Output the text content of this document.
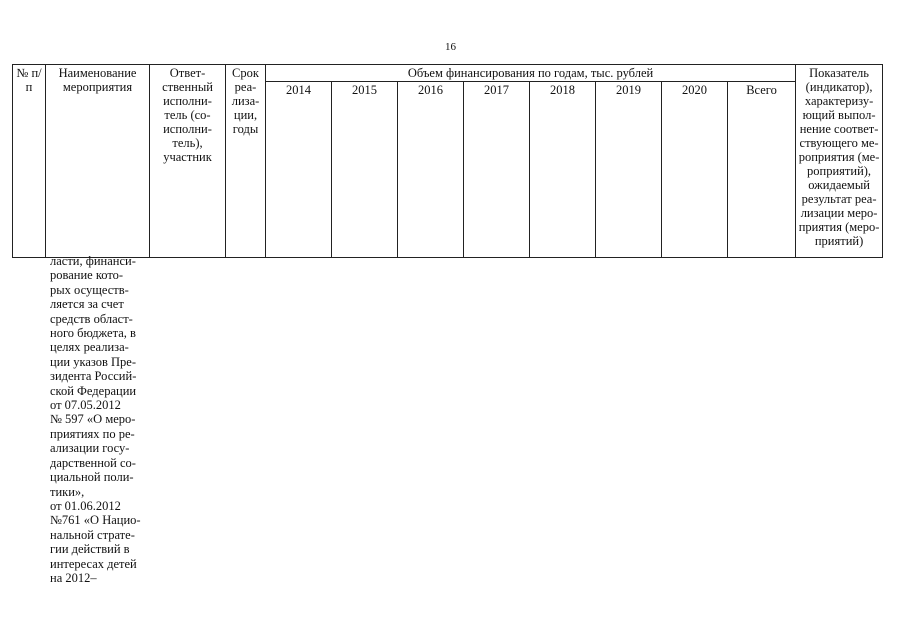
16
№ п/п	Наименование мероприятия	Ответ- ственный исполни- тель (со- исполни- тель), участник	Срок реа- лиза- ции, годы	Объем финансирования по годам, тыс. рублей								Показатель (индикатор), характеризу- ющий выпол- нение соответ- ствующего ме- роприятия (ме- роприятий), ожидаемый результат реа- лизации меро- приятия (меро- приятий)
				2014	2015	2016	2017	2018	2019	2020	Всего	
ласти, финанси-
рование кото-
рых осуществ-
ляется за счет
средств област-
ного бюджета, в
целях реализа-
ции указов Пре-
зидента Россий-
ской Федерации
от 07.05.2012
№ 597 «О меро-
приятиях по ре-
ализации госу-
дарственной со-
циальной поли-
тики»,
от 01.06.2012
№761 «О Нацио-
нальной страте-
гии действий в
интересах детей
на 2012–
